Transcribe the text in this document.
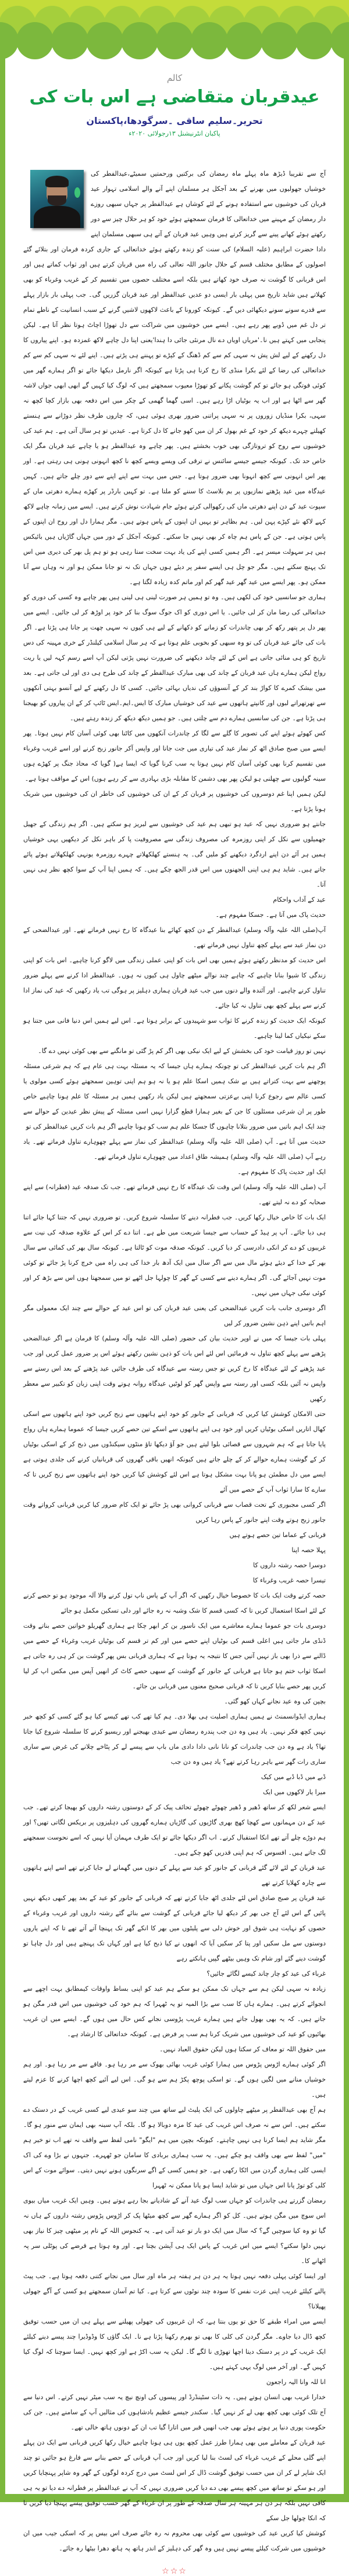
کالم
عیدقربان متقاضی ہے اس بات کی
تحریر۔سلیم ساقی ۔سرگودھا،پاکستان
پاکبان انٹرنیشنل ۱۳رجولائی ۲۰۲۰ء

آج سے تقریبا ڈیڑھ ماہ پہلے ماہ رمضان کی برکتیں ورحمتیں سمیٹے،عیدالفطر کی خوشیاں جھولیوں میں بھرنے کے بعد آجکل ہر مسلمان اپنے آنے والے اسلامی تہوار عید قربان کی خوشیوں سے استفادہ ہونے کے لئے کوشاں ہے عیدالفطر پر جہاں سبھی روزے دار رمضان کے مہینے میں خداتعالی کا فرمان سمجھتے ہوئے خود کو ہر حلال چیز سے دور رکھتے ہوئے کھانے پینے سے گریز کرتے ہیں وہیں عید قربان کے آتے ہی سبھی مسلمان اپنے دادا حضرت ابراہیم (علیہ السلام) کی سنت کو زندہ رکھتے ہوئے خداتعالی کے جاری کردہ فرمان اور بتلائے گئے اصولوں کے مطابق مختلف قسم کے حلال جانور اللہ تعالی کی راہ میں قربان کرتے ہیں اور ثواب کماتے ہیں اور اس قربانی کا گوشت نہ صرف خود کھاتے ہیں بلکہ اسے مختلف حصوں میں تقسیم کر کے غریب وغرباء کو بھی کھلاتے ہیں شاید تاریخ میں پہلی بار ایسی دو عدیں عیدالفطر اور عید قربان گزریں گی۔ جب پہلی بار بازار پہلے سے قدرے سونے سونے دیکھائی دیں گے۔ کیونکہ کورونا کے باعث لاکھوں لاشیں گرنے کے سبب انسانیت کے ناطے تمام تر دل غم میں ڈوبے پھر رہے ہیں۔ ایسے میں خوشیوں میں شراکت سے دل تھوڑا اچاٹ ہوتا نظر آتا ہے۔ لیکن پنجابی میں کہتے ہیں نا۔'مریاں اویاں دے نال مرنئی جائی دا ہندا'یعنی اپنا دل چاہے لاکھ غمزدہ ہو۔ اپنے پیاروں کا دل رکھنے کے لیے لش پش نہ سہی کم سے کم ڈھنگ کے کپڑے تو پہننے ہی پڑتے ہیں۔ اپنے لئے نہ سہی کم سے کم خداتعالی کی رضا کے لئے بکرا منڈی کا رخ کرنا ہی پڑتا ہے کیونکہ اگر نارمل دیکھا جائے تو اگر ہمارے گھر میں کوئی فوتگی ہو جائے تو کم گوشت پکانے کو تھوڑا معیوب سمجھتے ہیں کہ لوگ کیا کہیں گے ابھی ابھی جواں لاشہ گھر سے اٹھا ہے اور اب یہ بوٹیاں اڑا رہے ہیں۔ اسی گھما گھمی کے چکر میں اس دفعہ بھی بازار کچا کچھ نہ سہی، بکرا منڈیاں زوروں پر نہ سہی پراتنی ضرور بھری ہوئی ہیں، کہ چاروں طرف نظر دوڑانے سے ہنستے کھیلتے چہرے دیکھ کر خود کے غم بھول کر ان میں کھو جانے کا دل کرتا ہے۔ عیدیں تو ہر سال آتی ہے۔ ہم عید کی خوشیوں سے روح کو تروتازگی بھی خوب بخشتے ہیں۔ پھر چاہے وہ عیدالفطر ہو یا چاہے عید قربان مگر ایک خاص حد تک۔ کیونکہ جیسے جیسے سائنس نے ترقی کی ویسے ویسے کچھ نا کچھ انہونی ہونی ہی رہتی ہے۔ اور پھر اس انہونی سے کچھ انہونا بھی ضرور ہوتا ہے۔ جس میں بہت سے اپنے اپنے سے دور چلے جاتے ہیں۔ کہیں عیدگاہ میں عید پڑھتے نمازیوں پر بم بلاسٹ کا سننے کو ملتا ہے۔ تو کہیں بارڈر پر کھڑے ہمارے دھرتی ماں کے سپوت عید کے دن اپنے دھرتی ماں کی رکھوالی کرتے ہوئے جام شہادت نوش کرتے ہیں۔ ایسے میں زمانہ چاہے لاکھ کہے لاکھ نئے کپڑے پہن لیں۔ ہم بظاہر تو یہیں ان اپنوں کے پاس ہوتے ہیں۔ مگر ہمارا دل اور روح ان اپنوں کے پاس ہوتی ہے۔ جن کے پاس ہم چاہ کر بھی نہیں جا سکتے۔ کیونکہ آجکل کے دور میں جہاں گاڑیاں ہیں بائیکس ہیں ہر سہولت میسر ہے۔ اگر ہمیں کسی اپنے کی یاد بہت سخت ستا رہی ہو تو ہم پل بھر کی دیری میں اس تک پہنچ سکتے ہیں۔ مگر جو چل ہی ایسے سفر پر دیئے ہوں جہاں تک نہ تو جانا ممکن ہو اور نہ وہاں سے آنا ممکن ہو۔ پھر ایسے میں عید گھر عید گھر کم اور ماتم کدہ زیادہ لگتا ہے۔

ہماری جو سانسیں خود کی لکھی ہیں۔ وہ تو ہمیں ہر صورت لینی ہی لینی ہیں پھر چاہے وہ کسی کی دوری کو خداتعالی کی رضا مان کر لی جائیں۔ یا اس دوری کو اک جوگ سوگ بنا کر خود پر اوڑھ کر لی جائیں۔ ایسے میں پھر دل پر پتھر رکھ کر بھی چاندرات کو زمانے کو دکھانے کے لیے ہی کیوں نہ سہی چھت پر جانا ہی پڑتا ہے۔ اگر بات کی جائے عید قربان کی تو وہ سبھی کو بخوبی علم ہوتا ہے کہ ہر سال اسلامی کیلنڈر کے خری مہینہ کی دس تاریخ کو ہی منائی جاتی ہے اس کے لئے چاند دیکھنے کی ضرورت نہیں پڑتی لیکن آپ اسے رسم کہہ لیں یا ریت رواج لیکن ہمارے ہاں عید قربان کے چاند کی بھی مبارک عیدالفطر کے چاند کی طرح ہی دی اور لی جاتی ہے۔ بعد میں بیشک کمرے کا کواڑ بند کر کے آنسوؤں کی ندیاں بہائی جائیں۔ کسی کا دل رکھنے کے لیے آنسو بہتی آنکھوں سے تھرتھراتے لبوں اور کانپتے ہاتھوں سے عید کی خوشیاں مبارک کا ایس۔ایم۔ایس ٹائپ کر کے ان پیاروں کو بھیجنا ہی پڑتا ہے۔ جن کی سانسیں ہمارے دم سے چلتی ہیں۔ جو ہمیں دیکھ دیکھ کر زندہ رہتے ہیں۔

کس کھوئے ہوئے اپنے کی تصویر کا گلے سے لگا کر چاندرات آنکھوں میں کاٹنا بھی کوئی آسان کام نہیں ہوتا۔ پھر ایسے میں صبح صادق اٹھ کر نماز عید کی تیاری میں جت جانا اور واپس آکر جانور زبح کرنے اور اسے غریب وغرباء میں تقسیم کرنا بھی کوئی آسان کام نہیں ہوتا یہ سب کرنا گویا کہ ایسا ہے( گویا کہ محاذ جنگ پر کھڑے ہوں سینہ گولیوں سے چھلنی ہو لیکن پھر بھی دشمن کا مقابلہ بڑی بہادری سے کر رہے ہوں) اس کے مواقف ہوتا ہے۔

لیکن ہمیں اپنا غم دوسروں کی خوشیوں پر قربان کر کے ان کی خوشیوں کی خاطر ان کی خوشیوں میں شریک ہونا پڑتا ہے۔

جانتے ہو ضروری نہیں کہ عید ہو تبھی ہم عید کی خوشیوں سے لبریز ہو سکتے ہیں۔ اگر ہم زندگی کے جھیل جھمیلوں سے نکل کر اپنی روزمرہ کی مصروف زندگی سے مصروفیت پا کر باہر نکل کر دیکھیں یہی خوشیاں ہمیں ہر آئے دن اپنے اردگرد دیکھنے کو ملیں گی۔ یہ ہنستے کھلکھلاتے چہرے روزمرہ یونہی کھلکھلاتے ہوئے پائے جاتے ہیں۔ شاید ہم ہی اپنی الجھنوں میں اس قدر الجھ چکے ہیں۔ کہ ہمیں اپنا آپ کے سوا کچھ نظر ہی نہیں آتا۔

عید کے آداب واحکام

حدیث پاک میں آتا ہے۔ جسکا مفہوم ہے۔

آپ(صلی اللہ علیہ وآلہ وسلم) عیدالفطر کے دن کچھ کھائے بنا عیدگاہ کا رخ نہیں فرماتے تھے۔ اور عیدالضحی کے دن نماز عید سے پہلے کچھ تناول نہیں فرماتے تھے۔

اس حدیث کو مدنظر رکھتے ہوئے ہمیں بھی اس بات کو اپنی عملی زندگی میں لاگو کرنا چاہیے۔ اس بات کو اپنی زندگی کا شیوا بنانا چاہیے کہ چاہے چند نوالے میٹھے چاول ہی کیوں نہ ہوں۔ عیدالفطر ادا کرنے سے پہلے ضرور تناول کرنے چاہیے۔ اور آئندہ والے دنوں میں جب عید قربان ہماری دہلیز پر ہوگی تب یاد رکھیں کہ عید کی نماز ادا کرنے سے پہلے کچھ بھی تناول نہ کیا جائے۔

کیونکہ ایک حدیث کو زندہ کرنے کا ثواب سو شہیدوں کے برابر ہوتا ہے۔ اس لیے ہمیں اس دنیا فانی میں جتنا ہو سکے نیکیاں کما لینا چاہیے۔

نہیں تو روز قیامت خود کی بخشش کے لیے ایک نیکی بھی اگر کم پڑ گئی تو مانگنے سے بھی کوئی نہیں دے گا۔

اگر ہم بات کریں عیدالفطر کی تو چونکہ ہمارے ہاں جیسا کہ یہ مسئلہ بہت ہی عام ہے کہ ہم شرعی مسئلہ پوچھنے سے بہت کتراتے ہیں بے شک ہمیں اسکا علم ہو یا نہ ہو ہم اپنی توہین سمجھتے ہوئے کسی مولوی یا کسی عالم سے رجوع کرنا اپنی بےعزتی سمجھتے ہیں لیکن یاد رکھیں ہمیں ہر مسئلہ کا علم ہونا چاہیے خاص طور پر ان شرعی مسئلوں کا جن کے بغیر ہمارا قطع گزارا نہیں اسی مسئلہ کے پیش نظر عیدین کے حوالے سے چند ایک اہم باتیں میں ضرور بتلانا چاہوں گا جسکا علم ہم سب کو ہونا چاہیے اگر ہم بات کریں عیدالفطر کی تو

حدیث میں آتا ہے۔ آپ (صلی اللہ علیہ وآلہ وسلم) عیدالفطر کی نماز سے پہلے چھوہارے تناول فرماتے تھے۔ یاد رہے آپ (صلی اللہ علیہ وآلہ وسلم) ہمیشہ طاق اعداد میں چھوہارے تناول فرماتے تھے۔

ایک اور حدیث پاک کا مفہوم ہے۔

آپ (صلی اللہ علیہ وآلہ وسلم) اس وقت تک عیدگاہ کا رخ نہیں فرماتے تھے۔ جب تک صدقہ عید (فطرانہ) سے اپنے صحابہ کو دے نہ لیتے تھے۔

ایک بات کا خاص خیال رکھا کریں۔ جب فطرانہ دینے کا سلسلہ شروع کریں۔ تو ضروری نہیں کہ جتنا کہا جائے اتنا ہی دیا جائے۔ آپ پر ہیڈ کے حساب سے جیسا شریعت میں طے ہے۔ اتنا دے کر اس کے علاوہ صدقہ کی نیت سے غریبوں کو دے کر انکی دادرسی کر دیا کریں۔ کیونکہ صدقہ موت کو ٹالتا ہے۔ کیونکہ سال بھر کی کمائی سے سال بھر کے خدا کے دیئے ہوئے مال میں سے اگر سال میں ایک آدھ بار خدا کی ہی راہ میں خرچ کرنا پڑ جائے تو کوئی موت نہیں آجائے گی۔ اگر ہمارے دینے سے کسی کے گھر کا چولہا جل اٹھے تو میں سمجھتا ہوں اس سے بڑھ کر اور کوئی نیکی جہاں میں نہیں۔

اگر دوسری جانب بات کریں عیدالضحی کی یعنی عید قربان کی تو اس عید کے حوالے سے چند ایک معمولی مگر اہم باتیں اپنے ذہن نشین ضرور کر لیں

پہلی بات جیسا کہ میں نے اوپر حدیث بیان کی حضور (صلی اللہ علیہ وآلہ وسلم) کا فرمان ہے اگر عیدالضحی پڑھنے سے پہلے کچھ تناول نہ فرمائیں اس لئے اس بات کو ذہن نشین رکھتے ہوئے اس پر ضرور عمل کریں اور جب عید پڑھنے کے لئے عیدگاہ کا رخ کریں تو جس رستہ سے عیدگاہ کی طرف جائیں عید پڑھنے کے بعد اس رستے سے واپس نہ آئیں بلکہ کسی اور رستہ سے واپس گھر کو لوٹیں عیدگاہ روانہ ہوتے وقت اپنی زبان کو تکبیر سے معطر رکھیں

حتی الامکان کوشش کیا کریں کہ قربانی کے جانور کو خود اپنے ہاتھوں سے زبح کریں خود اپنے ہاتھوں سے اسکی کھال اتاریں اسکی بوٹیاں کریں اور خود ہی اپنے ہاتھوں سے اسکے تین حصے کریں جیسا کہ عموما ہمارے ہاں رواج پایا جاتا ہے کہ ہم شہروں سے قصائی بلوا لیتے ہیں جو آؤ دیکھا تاؤ منٹوں سیکنڈوں میں ذبح کر کے اسکی بوٹیاں کر کے گوشت ہمارے حوالے کر کے چلے جاتے ہیں کیونکہ انھیں باقی گھروں کی قربانیاں کرنے کی جلدی ہوتی ہے ایسے میں دل مطمئن ہو پانا بہت مشکل ہوتا ہے اس لئے کوشش کیا کریں خود اپنے ہاتھوں سے زبح کریں تا کہ سارے کا سارا ثواب آپ کے حصے میں آئے

اگر کسی مجبوری کے تحت قصاب سے قربانی کروانی بھی پڑ جائے تو ایک کام ضرور کیا کریں قربانی کرواتے وقت جانور زبح ہوتے وقت اپنے جانور کے پاس رہا کریں

قربانی کے عماما تین حصے ہوتے ہیں

پہلا حصہ اپنا

دوسرا حصہ رشتہ داروں کا

تیسرا حصہ غریب وغرباء کا

حصہ کرتے وقت ایک بات کا خصوصا خیال رکھیں کہ اگر آپ کے پاس ناپ تول کرنے والا آلہ موجود ہو تو حصے کرنے کے لئے اسکا استعمال کریں تا کہ کسی قسم کا شک وشبہ نہ رہ جائے اور دلی تسکین مکمل ہو جائے

دوسری بات جو عموما ہمارے معاشرے میں ایک ناسور بن کر ابھر چکا ہے ہماری گھریلو خواتین حصے بناتے وقت ڈنڈی مار جاتی ہیں اعلی قسم کی بوٹیاں اپنے حصے میں اور کم تر قسم کی بوٹیاں غریب وغرباء کے حصے میں ڈالنے سے ذرا بھی باز نہیں آتیں جس کا نتیجہ یہ ہوتا ہے کہ ہماری قربانی بس پھر گوشت بن کر ہی رہ جاتی ہے اسکا ثواب ختم ہو جاتا ہے قربانی کے جانور کے گوشت کے سبھی حصے کاٹ کر انھیں آپس میں مکس اپ کر لیا کریں پھر حصے بنایا کریں تا کہ قربانی صحیح معنوں میں قربانی بن جائے۔

بچپن کی وہ عید نجانے کہاں کھو گئی۔

ہماری ایڈوانسمنٹ نے ہمیں ہماری اصلیت ہی بھلا دی۔ ہم کیا تھے کب تھے کیسے کیا ہو گئے کسی کو کچھ خبر نہیں کچھ فکر نہیں۔ یاد ہیں وہ دن جب پندرہ رمضان سے عیدی بھیجنے اور ریسیو کرنے کا سلسلہ شروع کیا جاتا تھا؟ یاد ہے وہ دن جب چاندرات کو نانا نانی دادا دادی ماں باپ سے پیسے لے کر پٹاخے چلانے کی غرض سے ساری ساری رات گھر سے باہر رہا کرتے تھے؟ یاد ہیں وہ دن جب

ڈبے میں ڈبا ڈبے میں کیک

میرا یار لاکھوں میں ایک

ایسے شعر لکھ کر ساتھ ڈھیر و ڈھیر چھوٹے چھوٹے تحائف پیک کر کے دوستوں رشتہ داروں کو بھیجا کرتے تھے۔ جب عید کے دن مہمانوں سے کھچا کھچ بھری گاڑیوں کی گاڑیاں ہمارے گھروں کی دہلیزوں پر بریکس لگاتی تھیں؟ اور ہم دوڑے چلے آتے تھے انکا استقبال کرنے۔ اب اگر دیکھا جائے تو ایک طرف مہمان آیا نہیں کہ اسے نحوست سمجھنے لگ جاتے ہیں۔ افسوس کہ ہم اپنی قدریں کھو چکے ہیں۔

عید قربان کے لئے لائے گئے قربانی کے جانور کو عید سے پہلے کے دنوں میں گھمانے لے جایا کرتے تھے اسے اپنے ہاتھوں سے چارہ کھلایا کرتے تھے

عید قربان پر صبح صادق اس لئے جلدی اٹھ جایا کرتے تھے کہ قربانی کے جانور کو عید کے بعد پھر کبھی دیکھ نہیں پائیں گے اس لئے آج جی بھر کر دیکھ لیا جائے قربانی کے گوشت سے بنائے گئے رشتہ داروں اور غریب وغرباء کے حصوں کو نہایت ہی شوق اور خوش دلی سے پلیٹوں میں بھر کا انکے گھر تک پہنچا آتے آتے تھے تا کہ اپنے یاروں دوستوں سے مل سکیں اور پتا کر سکیں آیا کہ انھوں نے کیا ذبح کیا ہے اور کہاں تک پہنچے ہیں اور دل چاہا تو گوشت دینے گئے اور شام تک وہیں بیٹھے گپیں ہانکتے رہے

غرباء کی عید کو چار چاند کیسے لگائے جائیں؟

زیادہ نہ سہی لیکن ہم سے جہاں تک ممکن ہو سکے ہم عید کو اپنی بساط واوقات کیمطابق بہت اچھے سے انجوائے کرتے ہیں۔ ہمارے ہاں کا سب سے بڑا المیہ تو یہ ٹھہرا کہ ہم خود کی خوشیوں میں اس قدر مگن ہو جاتے ہیں۔ کہ یہ بھی بھول جاتے ہیں ہمارے غریب پڑوسی نجانے کس حال میں ہوں گے۔ ایسے میں ان غریب بھائیوں کو عید کی خوشیوں میں شریک کرنا ہم سب پر فرض ہے۔ کیونکہ خداتعالی کا ارشاد ہے۔

میں حقوق اللہ تو معاف کر سکتا ہوں لیکن حقوق العباد نہیں۔

اگر کوئی ہمارے اڑوس پڑوس میں ہمارا کوئی غریب بھائی بھوک سے مر رہا ہو۔ فاقے سے مر رہا ہو۔ اور ہم خوشیاں منانے میں لگیں ہوں گے۔ تو اسکی پوچھ پکڑ ہم سے ہو گی۔ اس لیے آئیے کچھ اچھا کرنے کا عزم لیتے ہیں۔

ہم آج بھی عیدالفطر پر میٹھے چاولوں کی ایک پلیٹ لیے ساتھ میں چند سو عیدی لیے کسی غریب کے در دستک دے سکتے ہیں۔ اس سے نہ صرف اس غریب کی عید کا مزہ دوبالا ہو گا۔ بلکہ آپ سینہ بھی ایمان سے منور ہو گا۔ مگر شاید ہم ایسا کرنا ہی نہیں چاہتے۔ کیونکہ بچپن میں ہم "ایگو" نامی لفظ سے واقف نہ تھے اب تو خیر ہم "میں" لفظ سے بھی واقف ہو چکے ہیں۔ یہ سب ہماری بربادی کا سامان جو ٹھہرے۔ جنہوں نے بڑا وے کی اک ایسی کلی ہماری گردن میں اٹکا رکھی ہے۔ جو ہمیں کسی کے اگے سرنگوں ہونے نہیں دیتی۔ سوائے موت کے اس کلی کو توڑ پانا اس جہاں میں تو شاید ایسا ہو پانا ممکن نہ ٹھہرا

رمضان گزرتے ہی چاندرات کو جہاں سب لوگ عید آنے کے شادیانے بجا رہے ہوتے ہیں۔ وہیں ایک غریب میاں بیوی اس سوچ میں مگن ہوتے ہیں۔ کل کو اگر ہمارے گھر سے کچھ میٹھا پک کر اڑوس پڑوس رشتہ داروں کے ہاں نہ گیا تو وہ کیا سوچیں گے؟ کہ سال میں ایک دو بار تو عید آتی ہے۔ یہ کنجوس اللہ کے نام پر میٹھی چیز کا نیاز بھی نہیں دلوا سکتے؟ ایسے میں اس غریب کے پاس ایک ہی آپشن بچتا ہے۔ اور وہ ہوتا ہے قرضے کی پوٹلی سر پہ اٹھانے کا۔

اور ایسا کوئی پہلی دفعہ نہیں ہوتا یہ ہر دن ہر ہفتہ ہر ماہ اور سال میں نجانے کتنی دفعہ ہوتا ہے۔ جب پیٹ پالنے کیلئے غریب اپنی عزت نفس کا سودہ چند نوٹوں سے کرتا ہے۔ کیا تم آسان سمجھتے ہو کسی کے آگے جھولی پھیلانا؟

ایسے میں امراء طبقے کا حق تو یوں بنتا ہے، کہ ان غریبوں کی جھولی پھیلنے سے پہلے ہی ان میں حسب توفیق کچھ ڈال دیا جاوے۔ مگر گردن کی کلی کا بھی تو بھرم رکھنا پڑتا ہے نا۔ ایک گاؤں کا وڈوڈیرا چند پیسے دینے کیلئے ایک غریب کے در پر دستک دیتا اچھا تھوڑی نا لگے گا۔ لیکن یہ سب اکڑ ہے اور کچھ نہیں۔ ایسا سوچنا کہ لوگ کیا کہیں گے۔ اور آخر میں لوگ یہی کہتے ہیں۔

انا للہ وانا الیہ راجعون

خدارا غریب بھی انسان ہوتے ہیں۔ یہ ذات سٹینڈرڈ اور پیسوں کی اونچ نیچ یہ سب میٹر نہیں کرتے۔ اس دنیا سے آج تلک کوئی بھی کچھ بھی لے کر نہیں گیا۔ سکندر جیسے عظیم بادشاہوں کی مثالیں آپ کے سامنے ہیں۔ جن کی حکومت پوری دنیا پر ہوتے ہوئے بھی جب انھیں قبر میں اتارا گیا تب ان کے دونوں ہاتھ خالی تھے۔

عید قربان کے معاملے میں بھی ہمارا طرز عمل کچھ یوں ہی ہونا چاہیے خیال رکھا کریں قربانی سے ایک دن پہلے اپنے گلی محلے کے غریب غرباء کی لسٹ بنا لیا کریں اور جب آپ قربانی کے حصے بنانے سے فارغ ہو جائیں تو چند ایک شاپر لے کر ان میں حسب توفیق گوشت ڈال کر اس لسٹ میں درج کردہ لوگوں کے گھر وہ شاپر پہنچایا کریں اور ہو سکے تو ساتھ میں کچھ پیسے بھی دے دیا کریں ضروری نہیں کہ آپ نے عیدالفطر پر فطرانہ دے دیا تو یہ ہی کافی نہیں بلکہ ہر دن ہر مہینہ ہر سال صدقہ کے طور پر ان غرباء کے گھر حسب توفیق پیسے پہنچا دیا کریں تا کہ انکا چولھا جل سکے

کوشش کیا کریں عید کی خوشیوں سے کوئی بھی محروم نہ رہ جائے صرف اس بیس پر کہ اسکی جیب میں ان خوشیوں میں شرکت کیلئے پیسے نہیں ہیں وہ گھر کی دہلیز کے اندر ہاتھ پہ ہاتھ دھرا بیٹھا رہ جائے۔

☆☆☆
